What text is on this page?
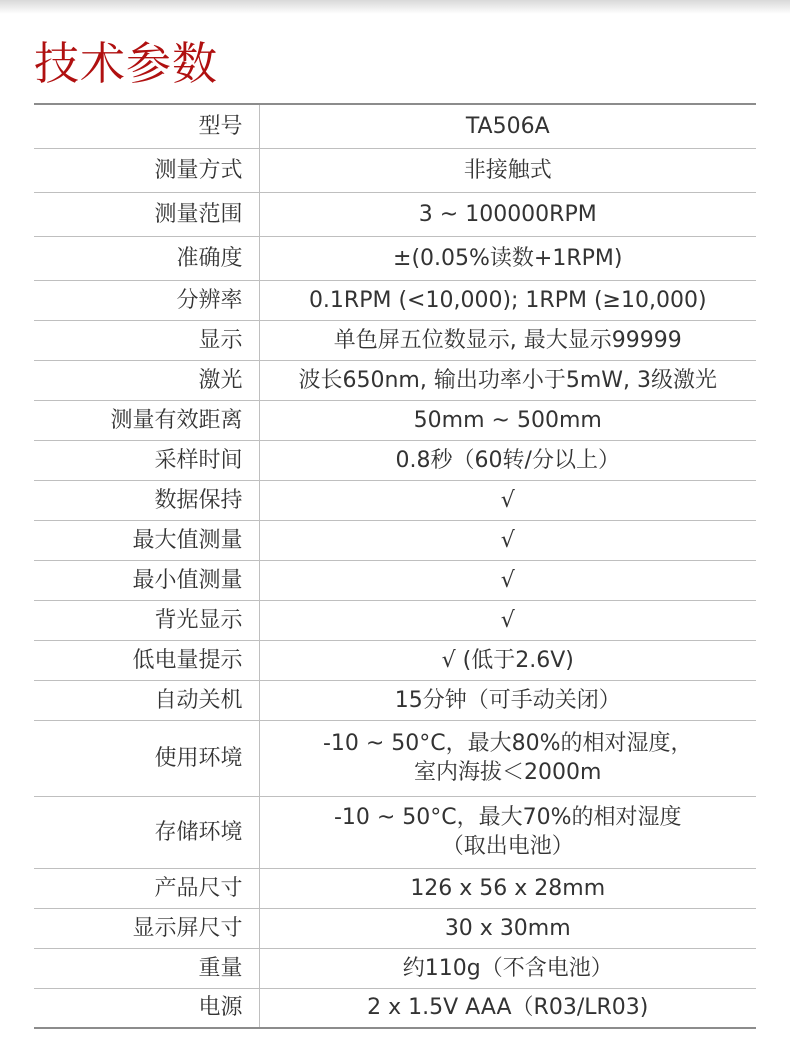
技术参数
型号	TA506A

测量方式	非接触式

测量范围	3 ~ 100000RPM

准确度	±(0.05%读数+1RPM)

分辨率	0.1RPM (<10,000); 1RPM (≥10,000)

显示	单色屏五位数显示, 最大显示99999

激光	波长650nm, 输出功率小于5mW, 3级激光

测量有效距离	50mm ~ 500mm

采样时间	0.8秒（60转/分以上）

数据保持	√

最大值测量	√

最小值测量	√

背光显示	√

低电量提示	√ (低于2.6V)

自动关机	15分钟（可手动关闭）

使用环境	-10 ~ 50°C，最大80%的相对湿度，
室内海拔＜2000m

存储环境	-10 ~ 50°C，最大70%的相对湿度
（取出电池）

产品尺寸	126 x 56 x 28mm

显示屏尺寸	30 x 30mm

重量	约110g（不含电池）

电源	2 x 1.5V AAA（R03/LR03)
